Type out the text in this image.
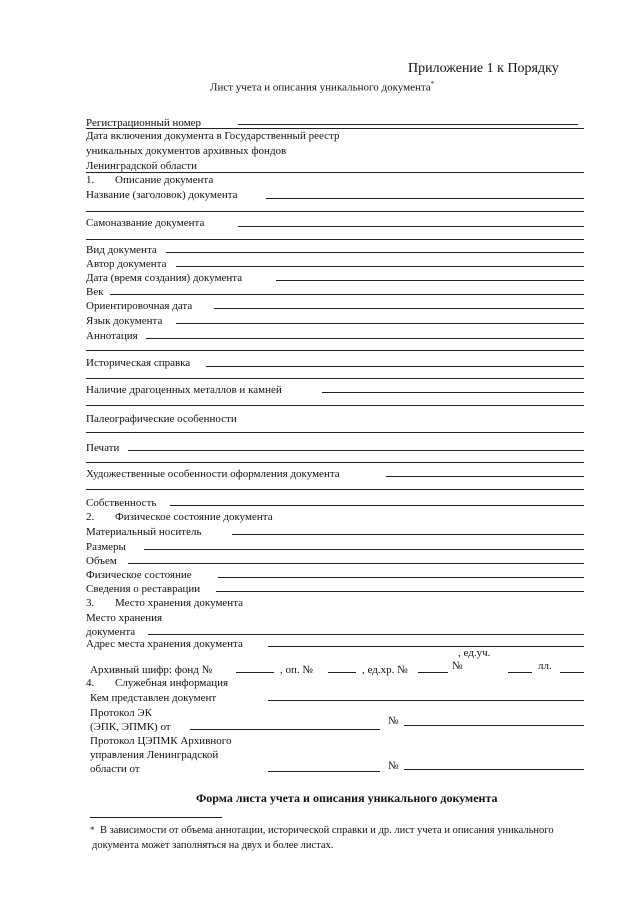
Приложение 1 к Порядку
Лист учета и описания уникального документа*
Регистрационный номер
Дата включения документа в Государственный реестр
уникальных документов архивных фондов
Ленинградской области
1. Описание документа
Название (заголовок) документа
Самоназвание документа
Вид документа
Автор документа
Дата (время создания) документа
Век
Ориентировочная дата
Язык документа
Аннотация
Историческая справка
Наличие драгоценных металлов и камней
Палеографические особенности
Печати
Художественные особенности оформления документа
Собственность
2. Физическое состояние документа
Материальный носитель
Размеры
Объем
Физическое состояние
Сведения о реставрации
3. Место хранения документа
Место хранения
документа
Адрес места хранения документа
, ед.уч.
Архивный шифр: фонд №	, оп. №	, ед.хр. №	№	лл.
4. Служебная информация
Кем представлен документ
Протокол ЭК
(ЭПК, ЭПМК) от	№
Протокол ЦЭПМК Архивного
управления Ленинградской
области от	№
Форма листа учета и описания уникального документа
* В зависимости от объема аннотации, исторической справки и др. лист учета и описания уникального
документа может заполняться на двух и более листах.
